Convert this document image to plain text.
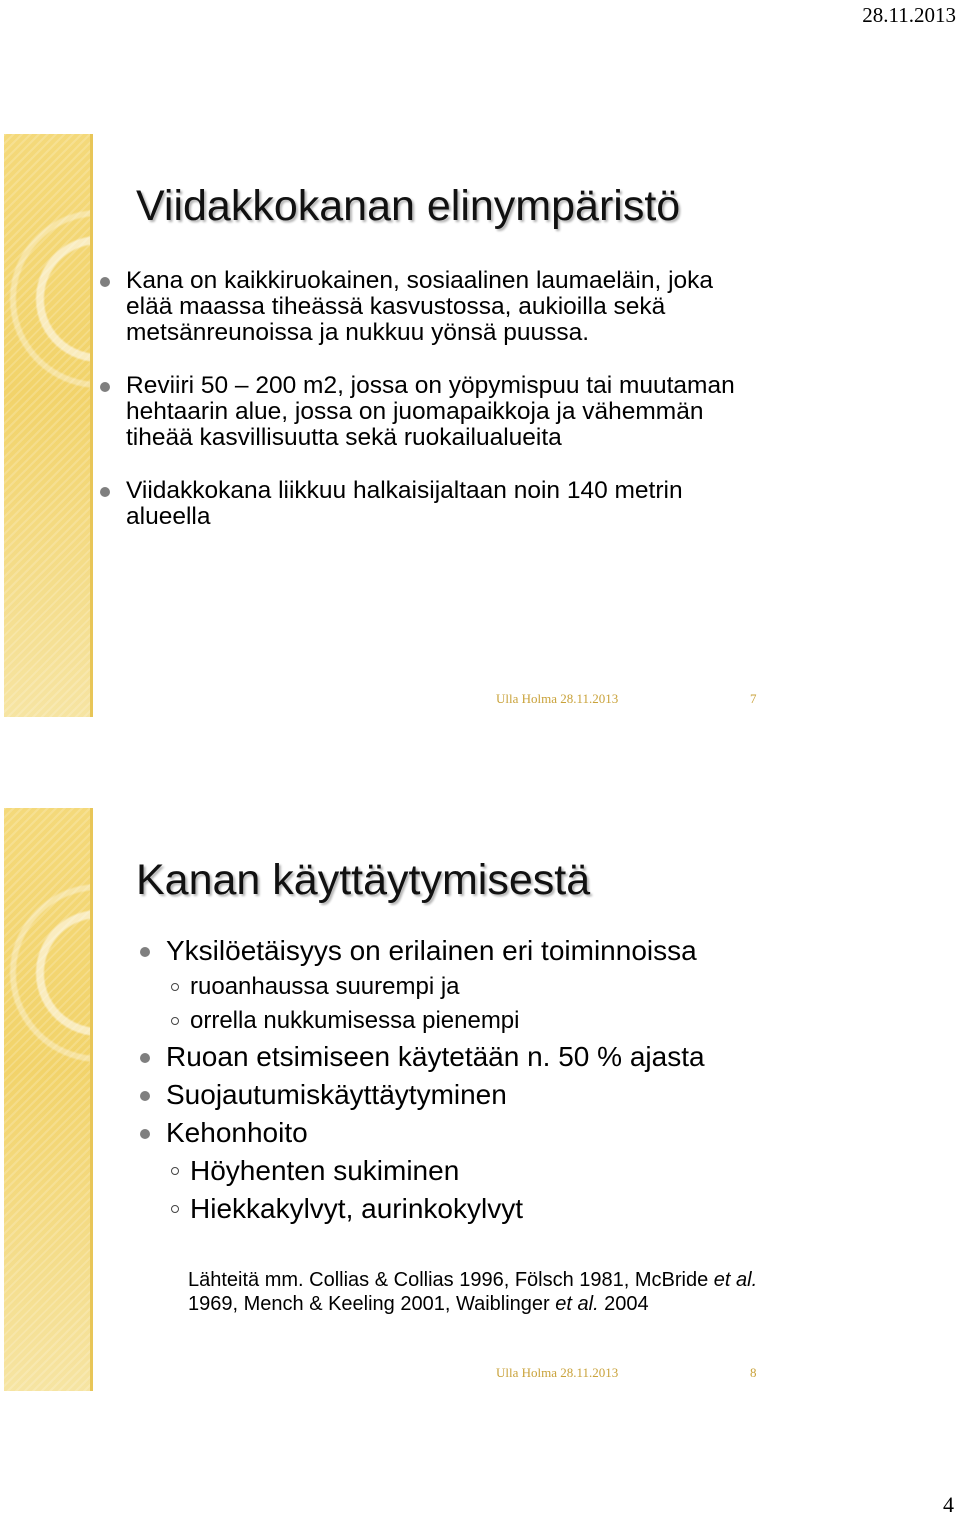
28.11.2013
Viidakkokanan elinympäristö
Kana on kaikkiruokainen, sosiaalinen laumaeläin, joka elää maassa tiheässä kasvustossa, aukioilla sekä metsänreunoissa ja nukkuu yönsä puussa.
Reviiri 50 – 200 m2, jossa on yöpymispuu tai muutaman hehtaarin alue, jossa on juomapaikkoja ja vähemmän tiheää kasvillisuutta sekä ruokailualueita
Viidakkokana liikkuu halkaisijaltaan noin 140 metrin alueella
Ulla Holma 28.11.2013	7
Kanan käyttäytymisestä
Yksilöetäisyys on erilainen eri toiminnoissa
ruoanhaussa suurempi ja
orrella nukkumisessa pienempi
Ruoan etsimiseen käytetään n. 50 % ajasta
Suojautumiskäyttäytyminen
Kehonhoito
Höyhenten sukiminen
Hiekkakylvyt, aurinkokylvyt

Lähteitä mm. Collias & Collias 1996, Fölsch 1981, McBride et al. 1969, Mench & Keeling 2001, Waiblinger et al. 2004

Ulla Holma 28.11.2013	8
4
